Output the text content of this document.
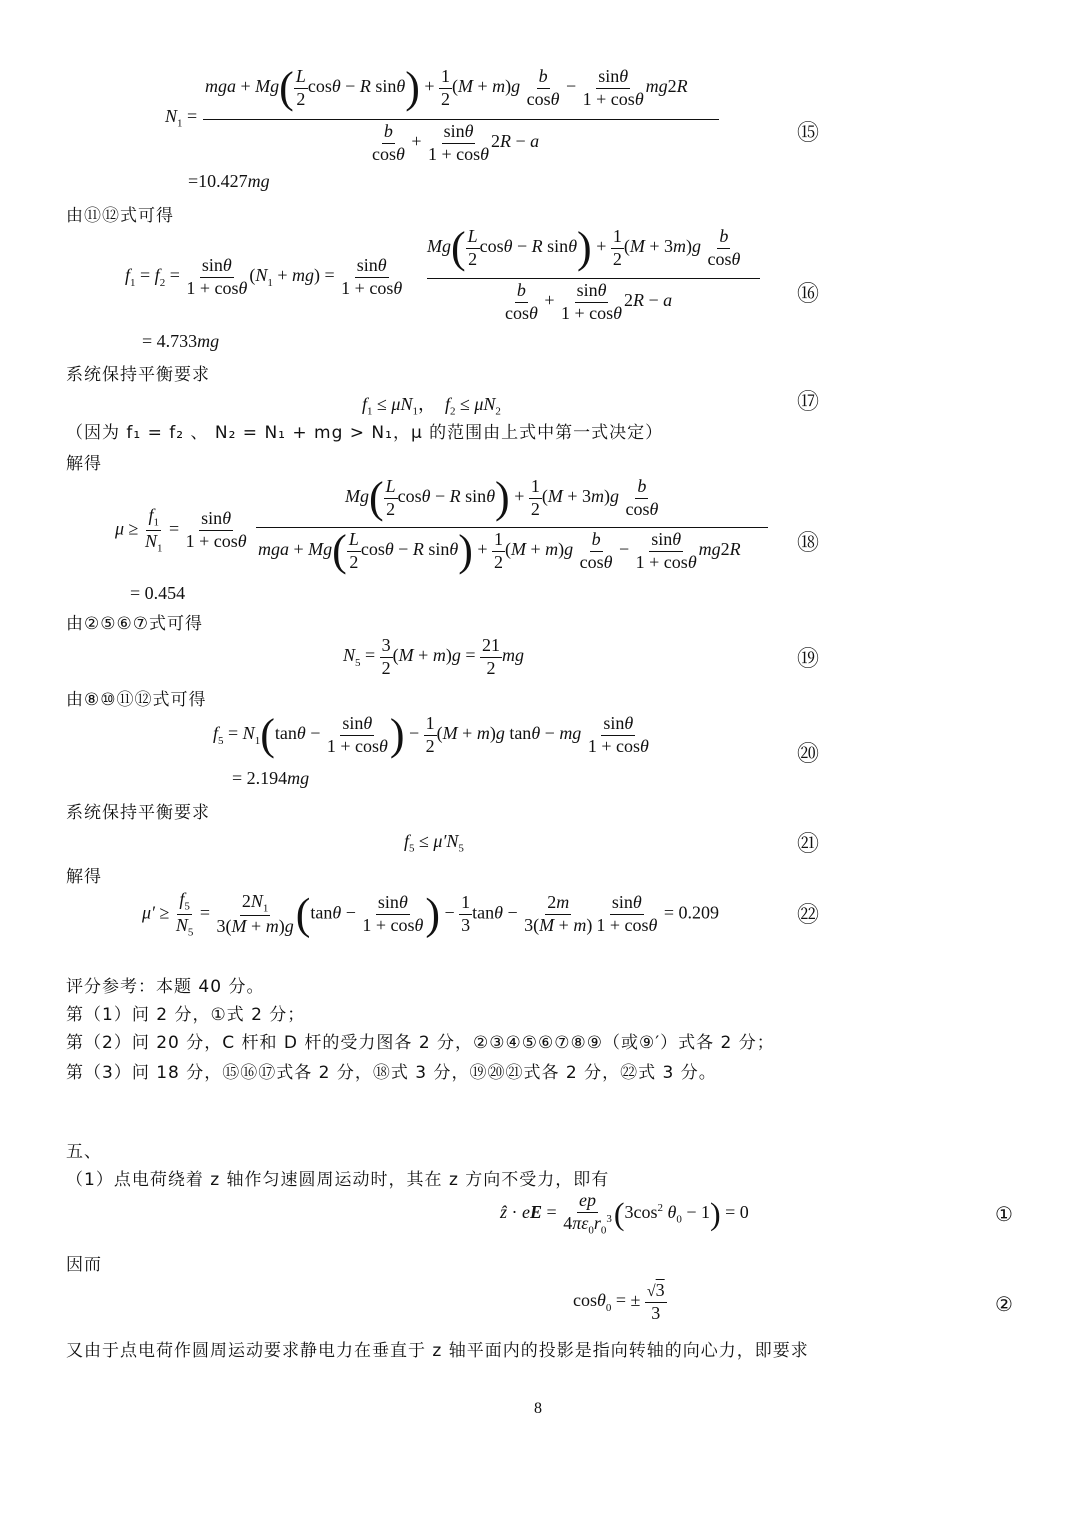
mga + $Mg( \frac{L}{2}$ cosθ − R $\sin\theta) + \frac{1}{2} (M + m)g \frac{b}{\cos\theta} - \frac{\sin\theta}{1 + \cos\theta} mg2R$
$N_1$ =
$\frac{b}{\cos\theta} + \frac{\sin\theta}{1 + \cos\theta} 2R - a$	⑮
=10.427mg
由⑪⑫式可得
$f_1 = f_2 = \frac{\sin\theta}{1 + \cos\theta} (N_1 + mg) = \frac{\sin\theta}{1 + \cos\theta}$
$Mg( \frac{L}{2}$ cosθ − R $\sin\theta) + \frac{1}{2} (M + 3m)g \frac{b}{\cos\theta}$
$\frac{b}{\cos\theta} + \frac{\sin\theta}{1 + \cos\theta} 2R - a$	⑯
= 4.733mg
系统保持平衡要求
$f_1 \le \mu N_1$，  $f_2 \le \mu N_2$	⑰
（因为 f₁ = f₂ 、 N₂ = N₁ + mg > N₁，μ 的范围由上式中第一式决定）
解得
$\mu \ge \frac{f_1}{N_1} = \frac{\sin\theta}{1 + \cos\theta}$
$Mg( \frac{L}{2}$ cosθ − R $\sin\theta) + \frac{1}{2} (M + 3m)g \frac{b}{\cos\theta}$
mga + $Mg( \frac{L}{2}$ cosθ − R $\sin\theta) + \frac{1}{2} (M + m)g \frac{b}{\cos\theta} - \frac{\sin\theta}{1 + \cos\theta} mg2R$	⑱
= 0.454
由②⑤⑥⑦式可得
$N_5 = \frac{3}{2} (M + m)g = \frac{21}{2}$ mg	⑲
由⑧⑩⑪⑫式可得
$f_5 = N_1(\tan\theta - \frac{\sin\theta}{1 + \cos\theta}$ ) − $\frac{1}{2} (M + m)g$ tanθ − mg $\frac{\sin\theta}{1 + \cos\theta}$	⑳
= 2.194mg
系统保持平衡要求
$f_5 \le \mu'N_5$	㉑
解得
$\mu' \ge \frac{f_5}{N_5} = \frac{2N_1}{3(M + m)g} (\tan\theta - \frac{\sin\theta}{1 + \cos\theta}$ ) − $\frac{1}{3}$ $\tan\theta - \frac{2m}{3(M + m)} \frac{\sin\theta}{1 + \cos\theta} = 0.209$	㉒
评分参考：本题 40 分。
第（1）问 2 分，①式 2 分；
第（2）问 20 分，C 杆和 D 杆的受力图各 2 分，②③④⑤⑥⑦⑧⑨（或⑨′）式各 2 分；
第（3）问 18 分，⑮⑯⑰式各 2 分，⑱式 3 分，⑲⑳㉑式各 2 分，㉒式 3 分。
五、
（1）点电荷绕着 z 轴作匀速圆周运动时，其在 z 方向不受力，即有
ẑ · eE = $\frac{ep}{4\pi\varepsilon_0r_0^3} (3\cos^2$ $\theta_0 - 1) = 0$	①
因而
cosθ$_0$ = ± $\frac{√3}{3}$	②
又由于点电荷作圆周运动要求静电力在垂直于 z 轴平面内的投影是指向转轴的向心力，即要求
8
